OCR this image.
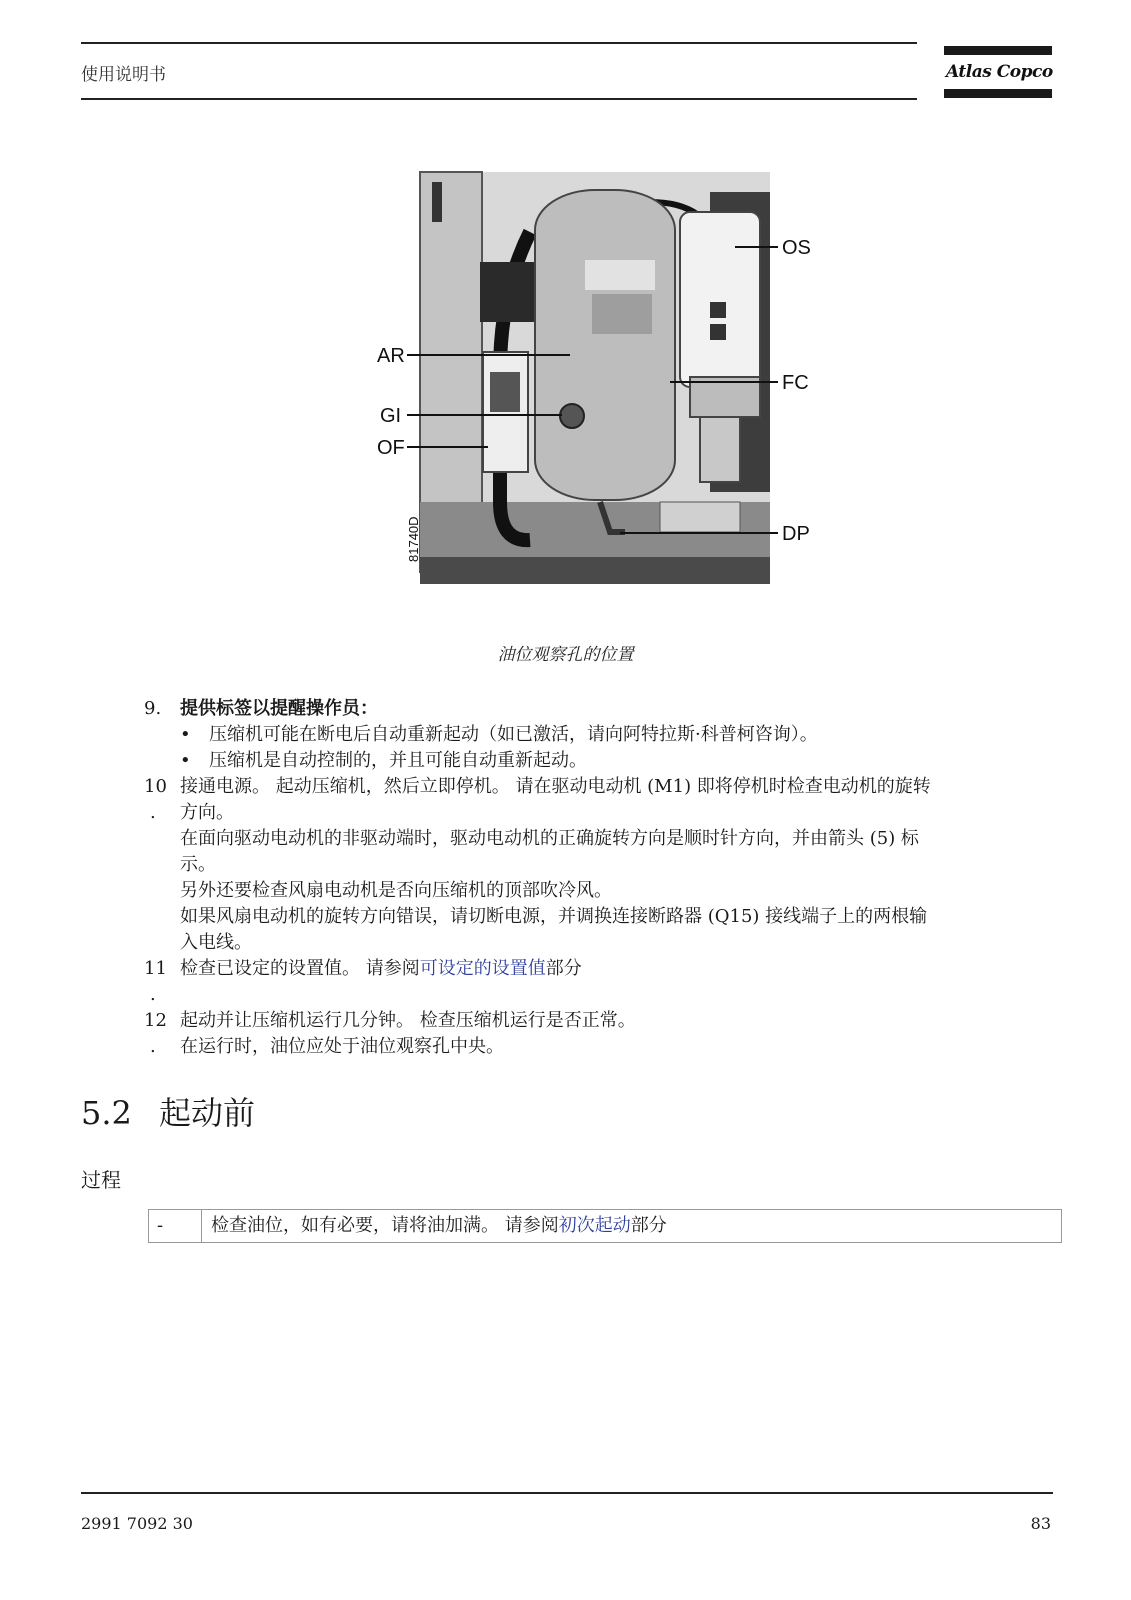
使用说明书	Atlas Copco
OS
AR
FC
GI
OF
DP
81740D
油位观察孔的位置
9. 提供标签以提醒操作员：
• 压缩机可能在断电后自动重新起动（如已激活，请向阿特拉斯·科普柯咨询）。
• 压缩机是自动控制的，并且可能自动重新起动。
10
.
接通电源。 起动压缩机，然后立即停机。 请在驱动电动机 (M1) 即将停机时检查电动机的旋转
方向。
在面向驱动电动机的非驱动端时，驱动电动机的正确旋转方向是顺时针方向，并由箭头 (5) 标
示。
另外还要检查风扇电动机是否向压缩机的顶部吹冷风。
如果风扇电动机的旋转方向错误，请切断电源，并调换连接断路器 (Q15) 接线端子上的两根输
入电线。
11
.
检查已设定的设置值。 请参阅可设定的设置值部分
12
.
起动并让压缩机运行几分钟。 检查压缩机运行是否正常。
在运行时，油位应处于油位观察孔中央。
5.2 起动前
过程
-	检查油位，如有必要，请将油加满。 请参阅初次起动部分
2991 7092 30	83
